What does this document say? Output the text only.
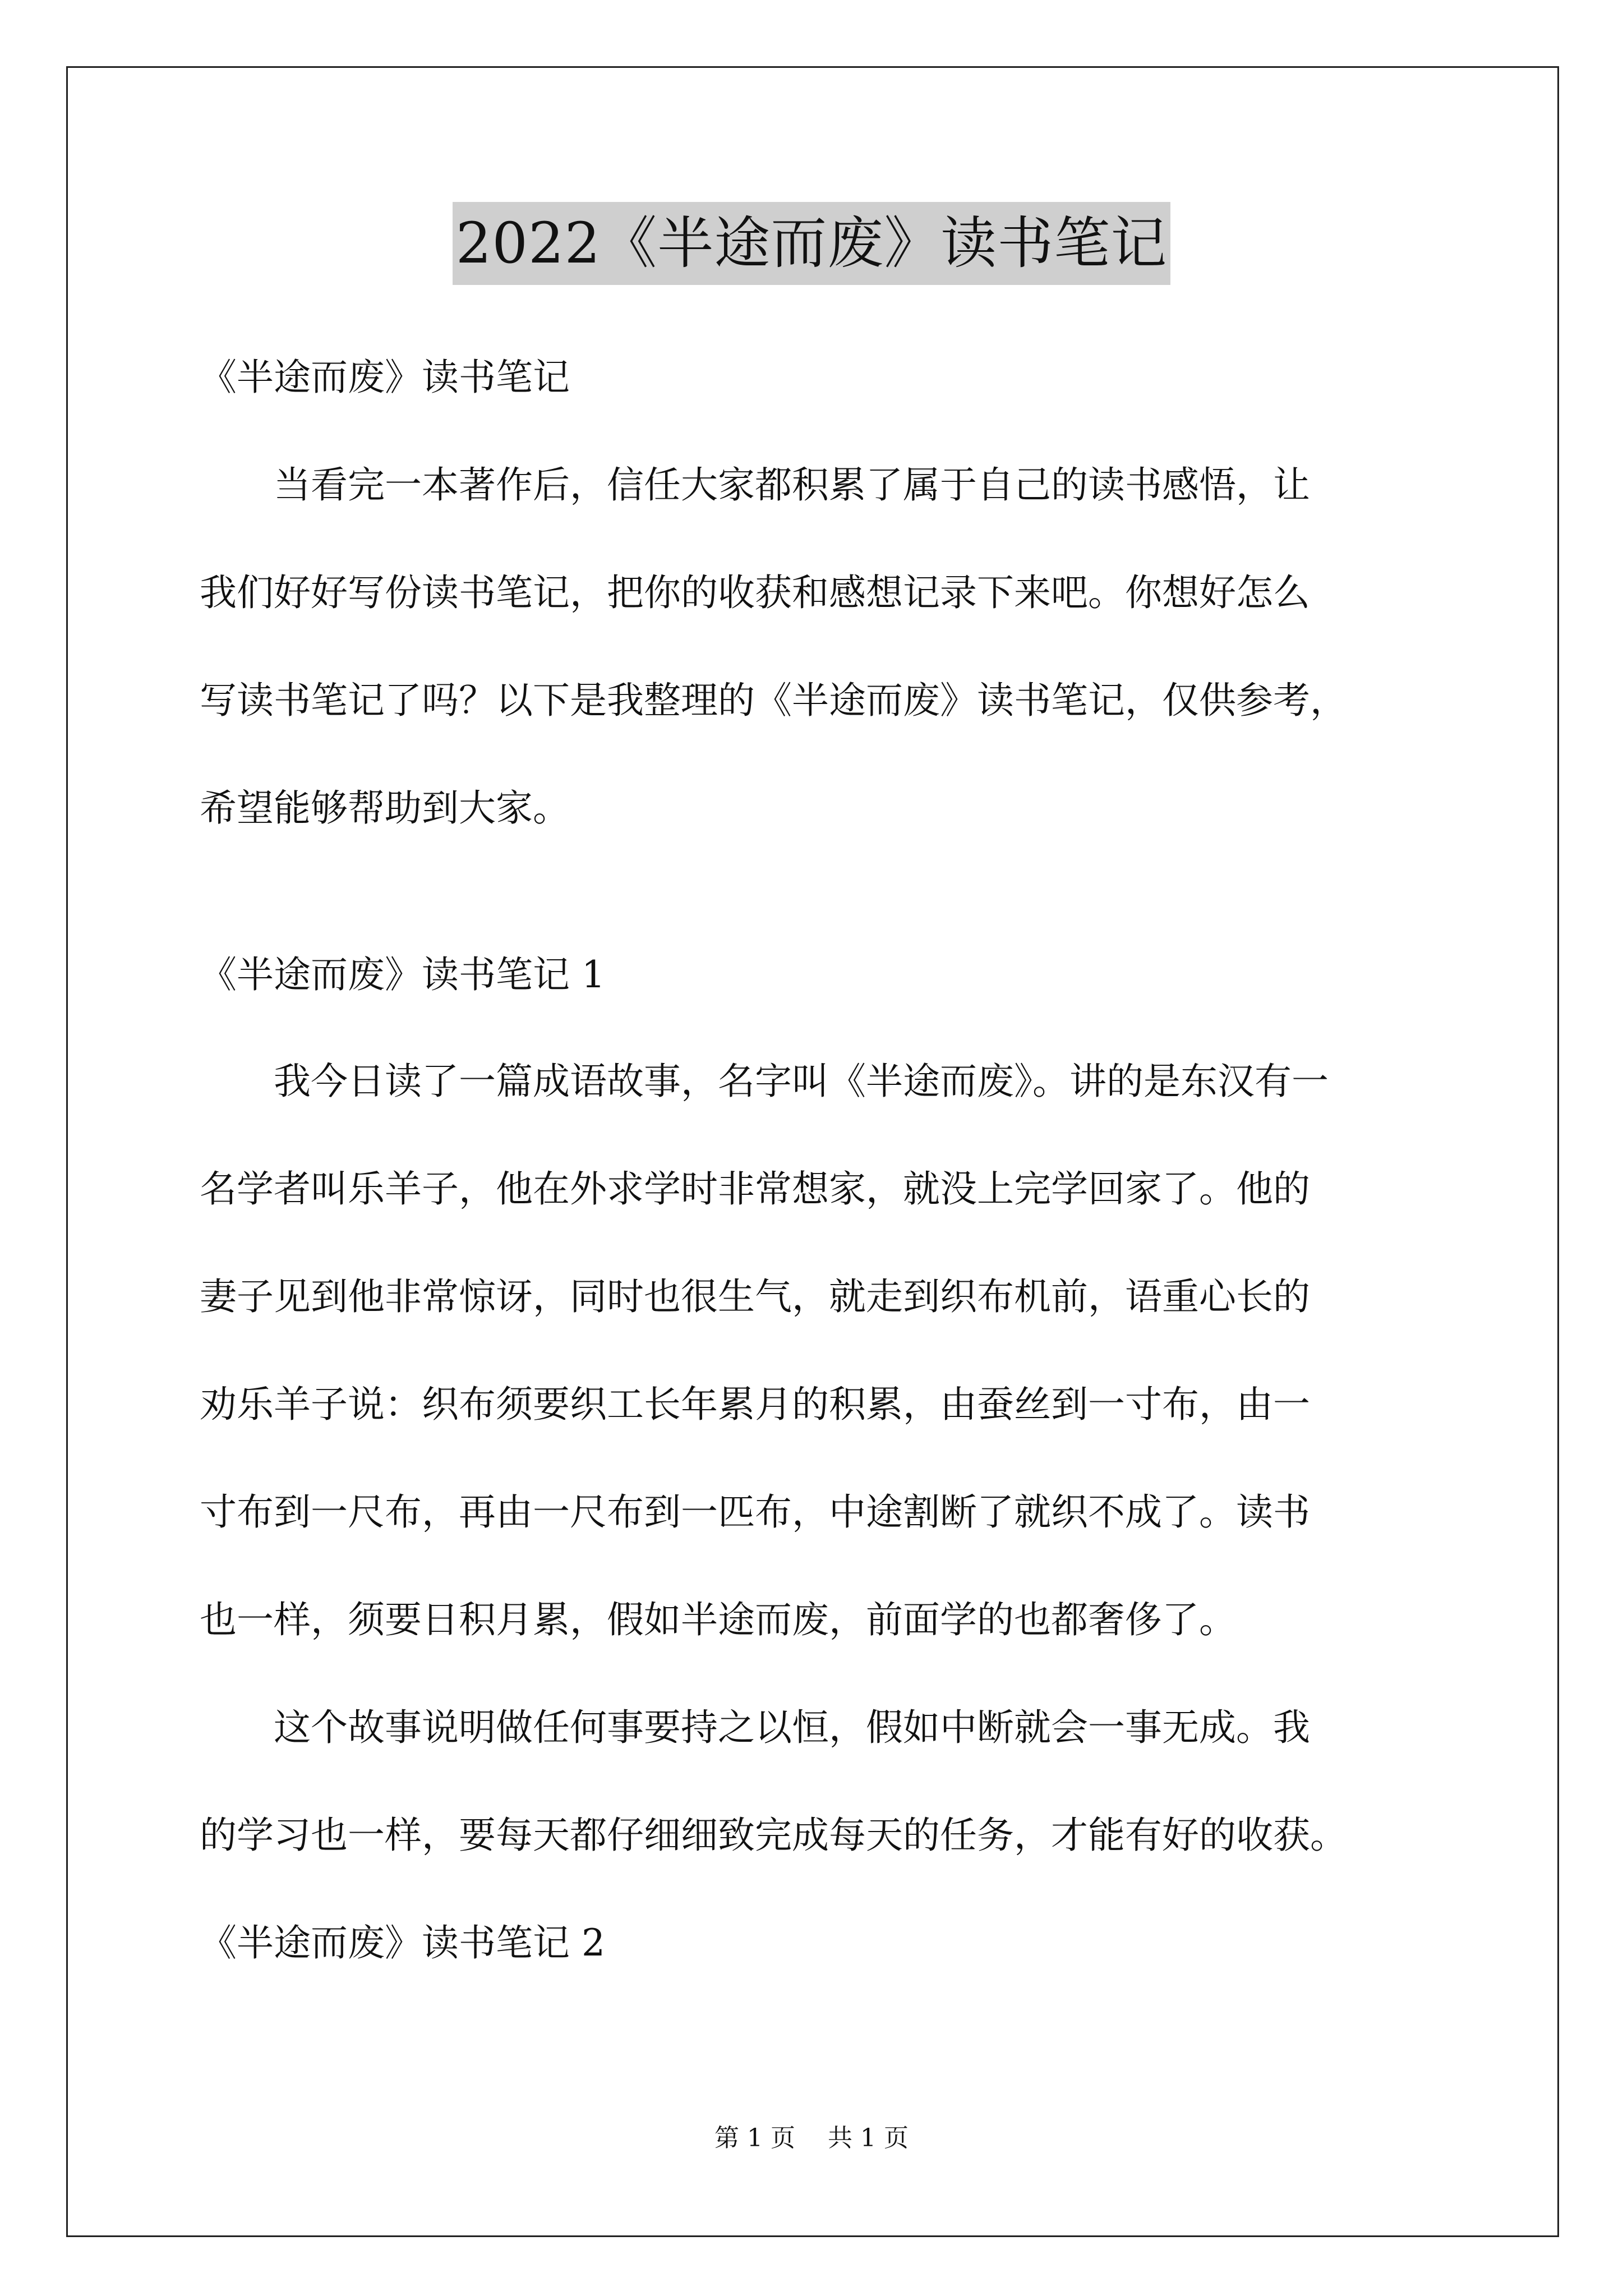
2022《半途而废》读书笔记
《半途而废》读书笔记
　　当看完一本著作后，信任大家都积累了属于自己的读书感悟，让
我们好好写份读书笔记，把你的收获和感想记录下来吧。你想好怎么
写读书笔记了吗？以下是我整理的《半途而废》读书笔记，仅供参考，
希望能够帮助到大家。
《半途而废》读书笔记 1
　　我今日读了一篇成语故事，名字叫《半途而废》。讲的是东汉有一
名学者叫乐羊子，他在外求学时非常想家，就没上完学回家了。他的
妻子见到他非常惊讶，同时也很生气，就走到织布机前，语重心长的
劝乐羊子说：织布须要织工长年累月的积累，由蚕丝到一寸布，由一
寸布到一尺布，再由一尺布到一匹布，中途割断了就织不成了。读书
也一样，须要日积月累，假如半途而废，前面学的也都奢侈了。
　　这个故事说明做任何事要持之以恒，假如中断就会一事无成。我
的学习也一样，要每天都仔细细致完成每天的任务，才能有好的收获。
《半途而废》读书笔记 2
第 1 页　 共 1 页
